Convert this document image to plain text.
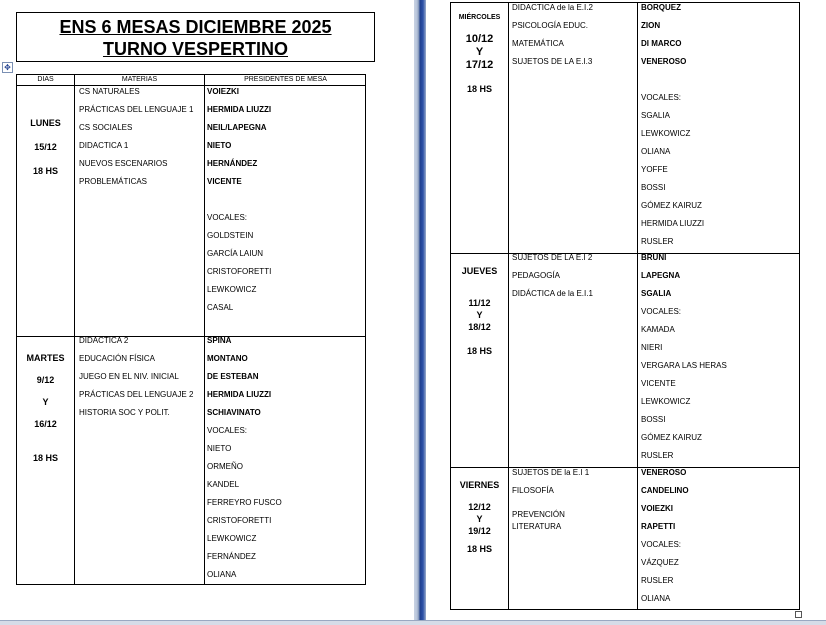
ENS 6 MESAS DICIEMBRE 2025
TURNO VESPERTINO
✥
DIAS	MATERIAS	PRESIDENTES DE MESA
LUNES
15/12
18 HS
CS NATURALES
PRÁCTICAS DEL LENGUAJE 1
CS SOCIALES
DIDACTICA 1
NUEVOS ESCENARIOS
PROBLEMÁTICAS
VOIEZKI
HERMIDA LIUZZI
NEIL/LAPEGNA
NIETO
HERNÁNDEZ
VICENTE
VOCALES:
GOLDSTEIN
GARCÍA LAIUN
CRISTOFORETTI
LEWKOWICZ
CASAL
MARTES
9/12
Y
16/12
18 HS
DIDACTICA 2
EDUCACIÓN FÍSICA
JUEGO EN EL NIV. INICIAL
PRÁCTICAS DEL LENGUAJE 2
HISTORIA SOC Y POLIT.
SPINA
MONTANO
DE ESTEBAN
HERMIDA LIUZZI
SCHIAVINATO
VOCALES:
NIETO
ORMEÑO
KANDEL
FERREYRO FUSCO
CRISTOFORETTI
LEWKOWICZ
FERNÁNDEZ
OLIANA
MIÉRCOLES
10/12
Y
17/12
18 HS
DIDACTICA de la E.I.2
PSICOLOGÍA EDUC.
MATEMÁTICA
SUJETOS DE LA E.I.3
BORQUEZ
ZION
DI MARCO
VENEROSO
VOCALES:
SGALIA
LEWKOWICZ
OLIANA
YOFFE
BOSSI
GÓMEZ KAIRUZ
HERMIDA LIUZZI
RUSLER
JUEVES
11/12
Y
18/12
18 HS
SUJETOS DE LA E.I 2
PEDAGOGÍA
DIDÁCTICA de la E.I.1
BRUNI
LAPEGNA
SGALIA
VOCALES:
KAMADA
NIERI
VERGARA LAS HERAS
VICENTE
LEWKOWICZ
BOSSI
GÓMEZ KAIRUZ
RUSLER
VIERNES
12/12
Y
19/12
18 HS
SUJETOS DE la E.I 1
FILOSOFÍA
PREVENCIÓN
LITERATURA
VENEROSO
CANDELINO
VOIEZKI
RAPETTI
VOCALES:
VÁZQUEZ
RUSLER
OLIANA
